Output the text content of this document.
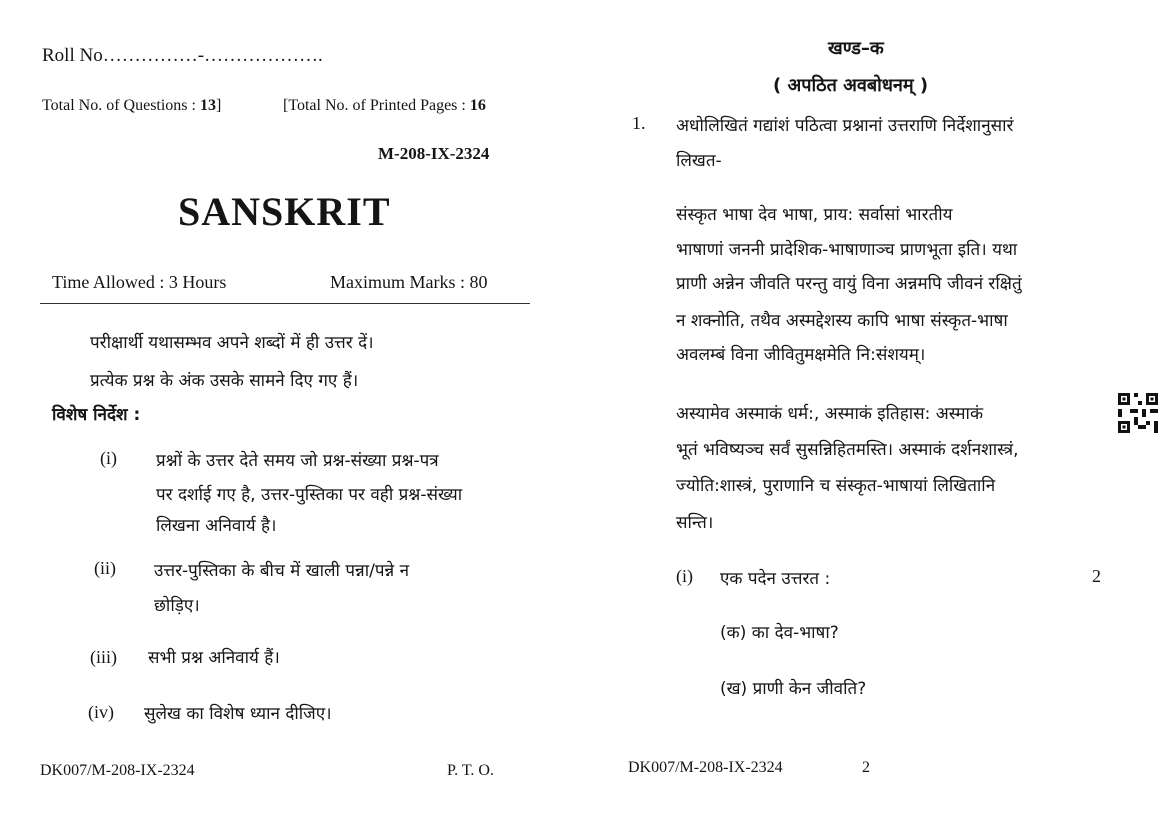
Roll No……………-……………….
Total No. of Questions : 13]	[Total No. of Printed Pages : 16
M-208-IX-2324
SANSKRIT
Time Allowed : 3 Hours	Maximum Marks : 80
परीक्षार्थी यथासम्भव अपने शब्दों में ही उत्तर दें।
प्रत्येक प्रश्न के अंक उसके सामने दिए गए हैं।
विशेष निर्देश :
(i) प्रश्नों के उत्तर देते समय जो प्रश्न-संख्या प्रश्न-पत्र
पर दर्शाई गए है, उत्तर-पुस्तिका पर वही प्रश्न-संख्या
लिखना अनिवार्य है।
(ii) उत्तर-पुस्तिका के बीच में खाली पन्ना/पन्ने न
छोड़िए।
(iii) सभी प्रश्न अनिवार्य हैं।
(iv) सुलेख का विशेष ध्यान दीजिए।
DK007/M-208-IX-2324	P. T. O.
खण्ड–क
( अपठित अवबोधनम् )
1. अधोलिखितं गद्यांशं पठित्वा प्रश्नानां उत्तराणि निर्देशानुसारं
लिखत-
संस्कृत भाषा देव भाषा, प्राय: सर्वासां भारतीय
भाषाणां जननी प्रादेशिक-भाषाणाञ्च प्राणभूता इति। यथा
प्राणी अन्नेन जीवति परन्तु वायुं विना अन्नमपि जीवनं रक्षितुं
न शक्नोति, तथैव अस्मद्देशस्य कापि भाषा संस्कृत-भाषा
अवलम्बं विना जीवितुमक्षमेति नि:संशयम्।
अस्यामेव अस्माकं धर्म:, अस्माकं इतिहास: अस्माकं
भूतं भविष्यञ्च सर्वं सुसन्निहितमस्ति। अस्माकं दर्शनशास्त्रं,
ज्योति:शास्त्रं, पुराणानि च संस्कृत-भाषायां लिखितानि
सन्ति।
(i) एक पदेन उत्तरत :	2
(क) का देव-भाषा?
(ख) प्राणी केन जीवति?
DK007/M-208-IX-2324	2
